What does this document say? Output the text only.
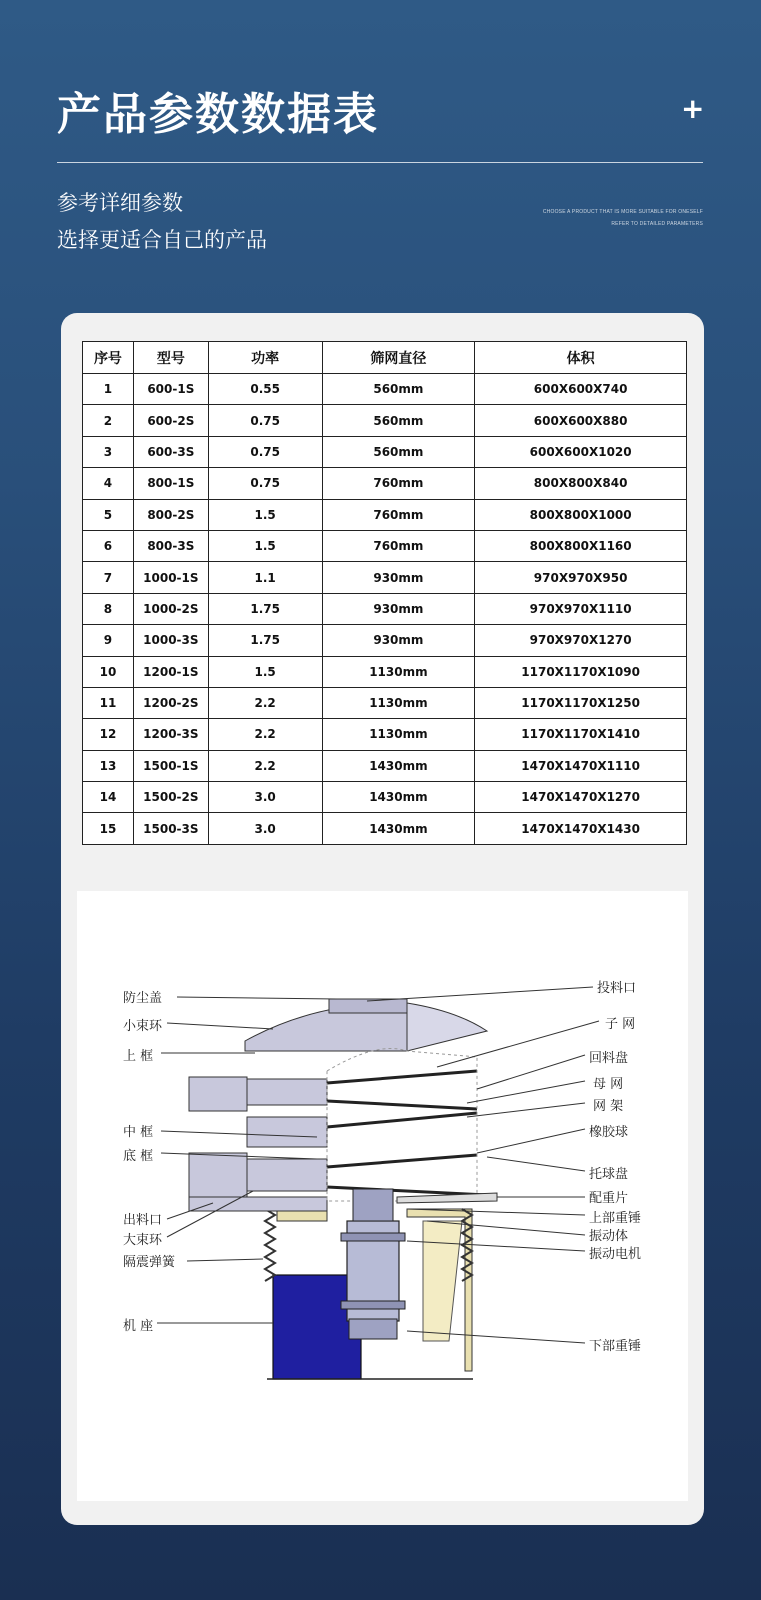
产品参数数据表	+
参考详细参数
选择更适合自己的产品
CHOOSE A PRODUCT THAT IS MORE SUITABLE FOR ONESELF
REFER TO DETAILED PARAMETERS
序号	型号	功率	筛网直径	体积
1	600-1S	0.55	560mm	600X600X740
2	600-2S	0.75	560mm	600X600X880
3	600-3S	0.75	560mm	600X600X1020
4	800-1S	0.75	760mm	800X800X840
5	800-2S	1.5	760mm	800X800X1000
6	800-3S	1.5	760mm	800X800X1160
7	1000-1S	1.1	930mm	970X970X950
8	1000-2S	1.75	930mm	970X970X1110
9	1000-3S	1.75	930mm	970X970X1270
10	1200-1S	1.5	1130mm	1170X1170X1090
11	1200-2S	2.2	1130mm	1170X1170X1250
12	1200-3S	2.2	1130mm	1170X1170X1410
13	1500-1S	2.2	1430mm	1470X1470X1110
14	1500-2S	3.0	1430mm	1470X1470X1270
15	1500-3S	3.0	1430mm	1470X1470X1430
防尘盖
小束环
上 框
中 框
底 框
出料口
大束环
隔震弹簧
机 座
投料口
子 网
回料盘
母 网
网 架
橡胶球
托球盘
配重片
上部重锤
振动体
振动电机
下部重锤
